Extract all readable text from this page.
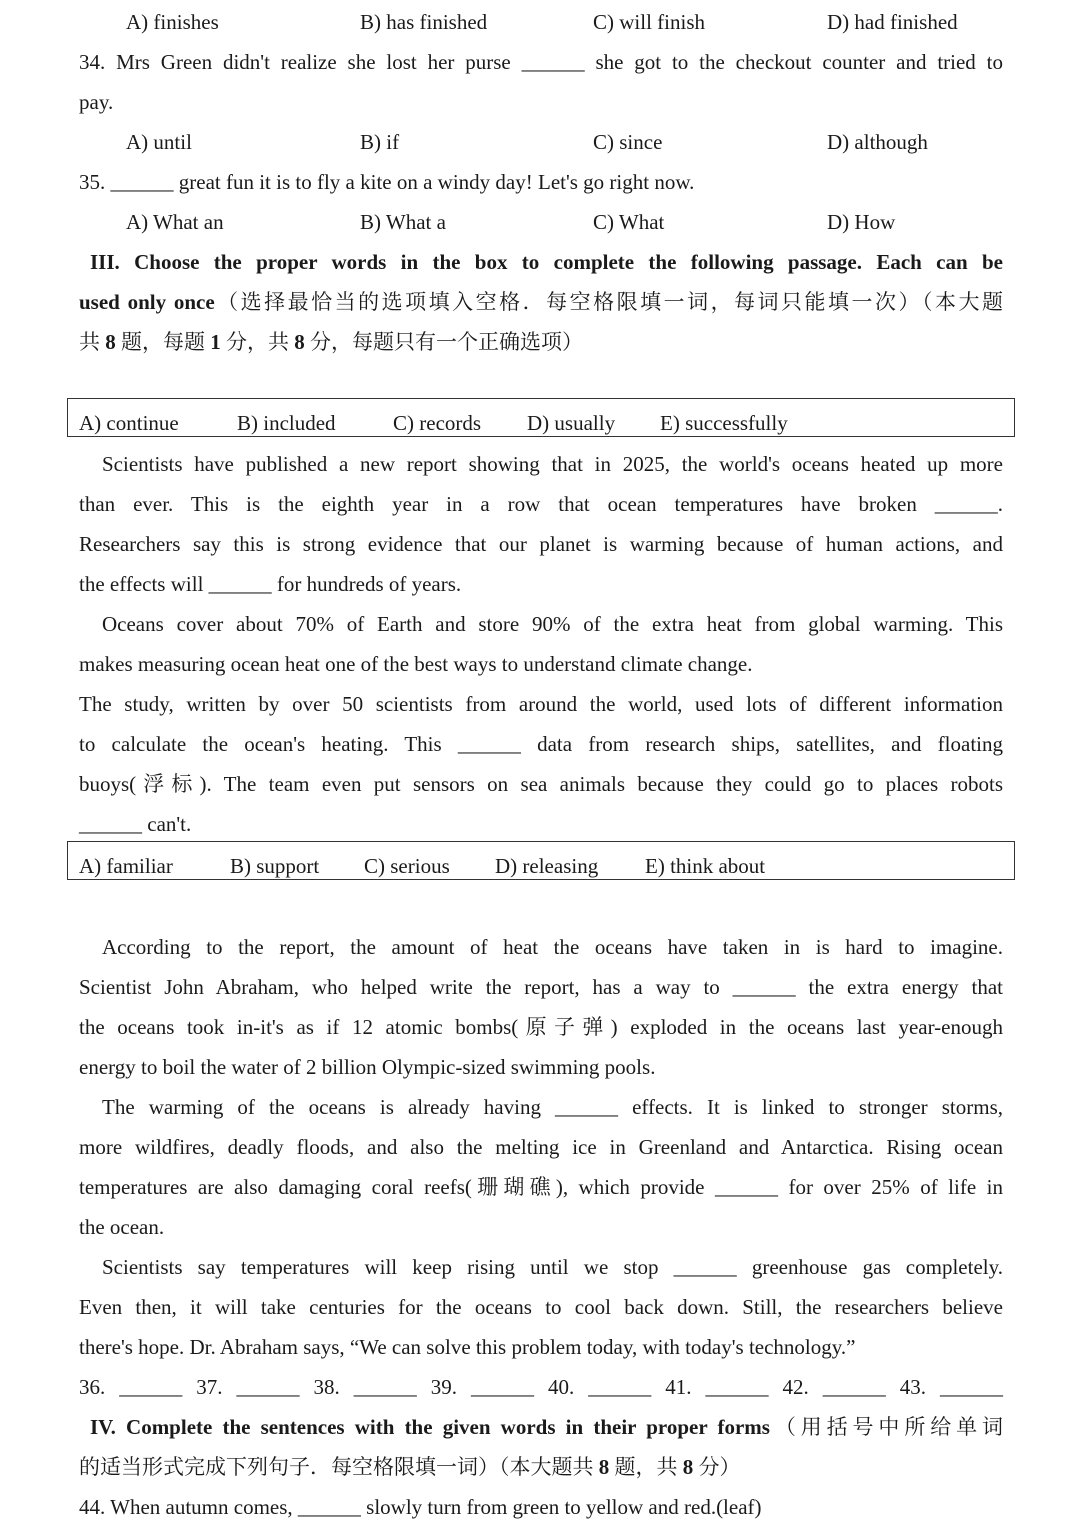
34. Mrs Green didn't realize she lost her purse ______ she got to the checkout counter and tried to
pay.
35. ______ great fun it is to fly a kite on a windy day! Let's go right now.
III. Choose the proper words in the box to complete the following passage. Each can be
used only once（选择最恰当的选项填入空格．每空格限填一词，每词只能填一次）（本大题
共 8 题，每题 1 分，共 8 分，每题只有一个正确选项）
Scientists have published a new report showing that in 2025, the world's oceans heated up more
than ever. This is the eighth year in a row that ocean temperatures have broken ______.
Researchers say this is strong evidence that our planet is warming because of human actions, and
the effects will ______ for hundreds of years.
Oceans cover about 70% of Earth and store 90% of the extra heat from global warming. This
makes measuring ocean heat one of the best ways to understand climate change.
The study, written by over 50 scientists from around the world, used lots of different information
to calculate the ocean's heating. This ______ data from research ships, satellites, and floating
buoys(浮标). The team even put sensors on sea animals because they could go to places robots
______ can't.
According to the report, the amount of heat the oceans have taken in is hard to imagine.
Scientist John Abraham, who helped write the report, has a way to ______ the extra energy that
the oceans took in-it's as if 12 atomic bombs(原子弹) exploded in the oceans last year-enough
energy to boil the water of 2 billion Olympic-sized swimming pools.
The warming of the oceans is already having ______ effects. It is linked to stronger storms,
more wildfires, deadly floods, and also the melting ice in Greenland and Antarctica. Rising ocean
temperatures are also damaging coral reefs(珊瑚礁), which provide ______ for over 25% of life in
the ocean.
Scientists say temperatures will keep rising until we stop ______ greenhouse gas completely.
Even then, it will take centuries for the oceans to cool back down. Still, the researchers believe
there's hope. Dr. Abraham says, “We can solve this problem today, with today's technology.”
36. ______ 37. ______ 38. ______ 39. ______ 40. ______ 41. ______ 42. ______ 43. ______
IV. Complete the sentences with the given words in their proper forms（用括号中所给单词
的适当形式完成下列句子．每空格限填一词）（本大题共 8 题，共 8 分）
44. When autumn comes, ______ slowly turn from green to yellow and red.(leaf)
A) finishes	B) has finished	C) will finish	D) had finished
A) until	B) if	C) since	D) although
A) What an	B) What a	C) What	D) How
A) continue	B) included	C) records D) usually E) successfully
A) familiar	B) support C) serious D) releasing E) think about
